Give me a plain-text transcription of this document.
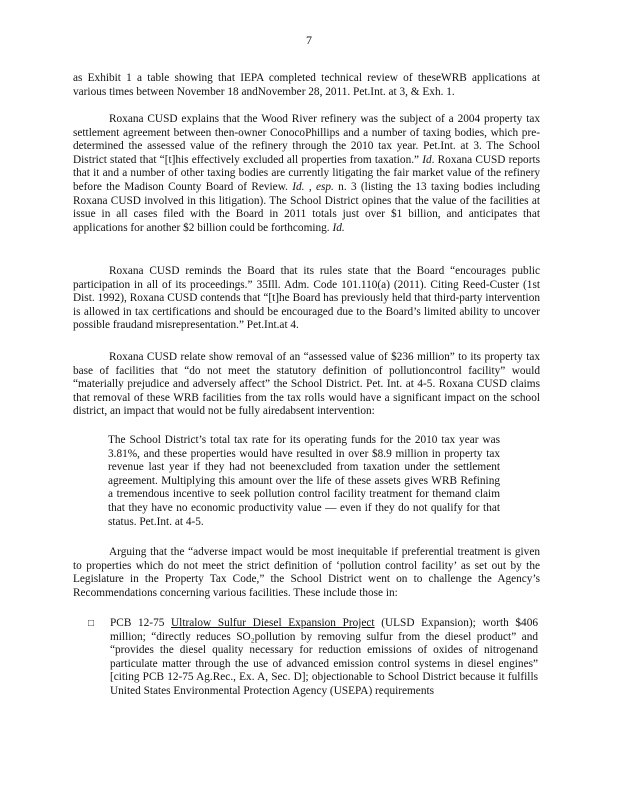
7

as Exhibit 1 a table showing that IEPA completed technical review of theseWRB applications at various times between November 18 andNovember 28, 2011. Pet.Int. at 3, & Exh. 1.

Roxana CUSD explains that the Wood River refinery was the subject of a 2004 property tax settlement agreement between then-owner ConocoPhillips and a number of taxing bodies, which pre-determined the assessed value of the refinery through the 2010 tax year. Pet.Int. at 3. The School District stated that “[t]his effectively excluded all properties from taxation.” Id. Roxana CUSD reports that it and a number of other taxing bodies are currently litigating the fair market value of the refinery before the Madison County Board of Review. Id. , esp. n. 3 (listing the 13 taxing bodies including Roxana CUSD involved in this litigation). The School District opines that the value of the facilities at issue in all cases filed with the Board in 2011 totals just over $1 billion, and anticipates that applications for another $2 billion could be forthcoming. Id.

Roxana CUSD reminds the Board that its rules state that the Board “encourages public participation in all of its proceedings.” 35Ill. Adm. Code 101.110(a) (2011). Citing Reed-Custer (1st Dist. 1992), Roxana CUSD contends that “[t]he Board has previously held that third-party intervention is allowed in tax certifications and should be encouraged due to the Board’s limited ability to uncover possible fraudand misrepresentation.” Pet.Int.at 4.

Roxana CUSD relate show removal of an “assessed value of $236 million” to its property tax base of facilities that “do not meet the statutory definition of pollutioncontrol facility” would “materially prejudice and adversely affect” the School District. Pet. Int. at 4-5. Roxana CUSD claims that removal of these WRB facilities from the tax rolls would have a significant impact on the school district, an impact that would not be fully airedabsent intervention:

The School District’s total tax rate for its operating funds for the 2010 tax year was 3.81%, and these properties would have resulted in over $8.9 million in property tax revenue last year if they had not beenexcluded from taxation under the settlement agreement. Multiplying this amount over the life of these assets gives WRB Refining a tremendous incentive to seek pollution control facility treatment for themand claim that they have no economic productivity value — even if they do not qualify for that status. Pet.Int. at 4-5.

Arguing that the “adverse impact would be most inequitable if preferential treatment is given to properties which do not meet the strict definition of ‘pollution control facility’ as set out by the Legislature in the Property Tax Code,” the School District went on to challenge the Agency’s Recommendations concerning various facilities. These include those in:

□	PCB 12-75 Ultralow Sulfur Diesel Expansion Project (ULSD Expansion); worth $406 million; “directly reduces SO₂pollution by removing sulfur from the diesel product” and “provides the diesel quality necessary for reduction emissions of oxides of nitrogenand particulate matter through the use of advanced emission control systems in diesel engines” [citing PCB 12-75 Ag.Rec., Ex. A, Sec. D]; objectionable to School District because it fulfills United States Environmental Protection Agency (USEPA) requirements
